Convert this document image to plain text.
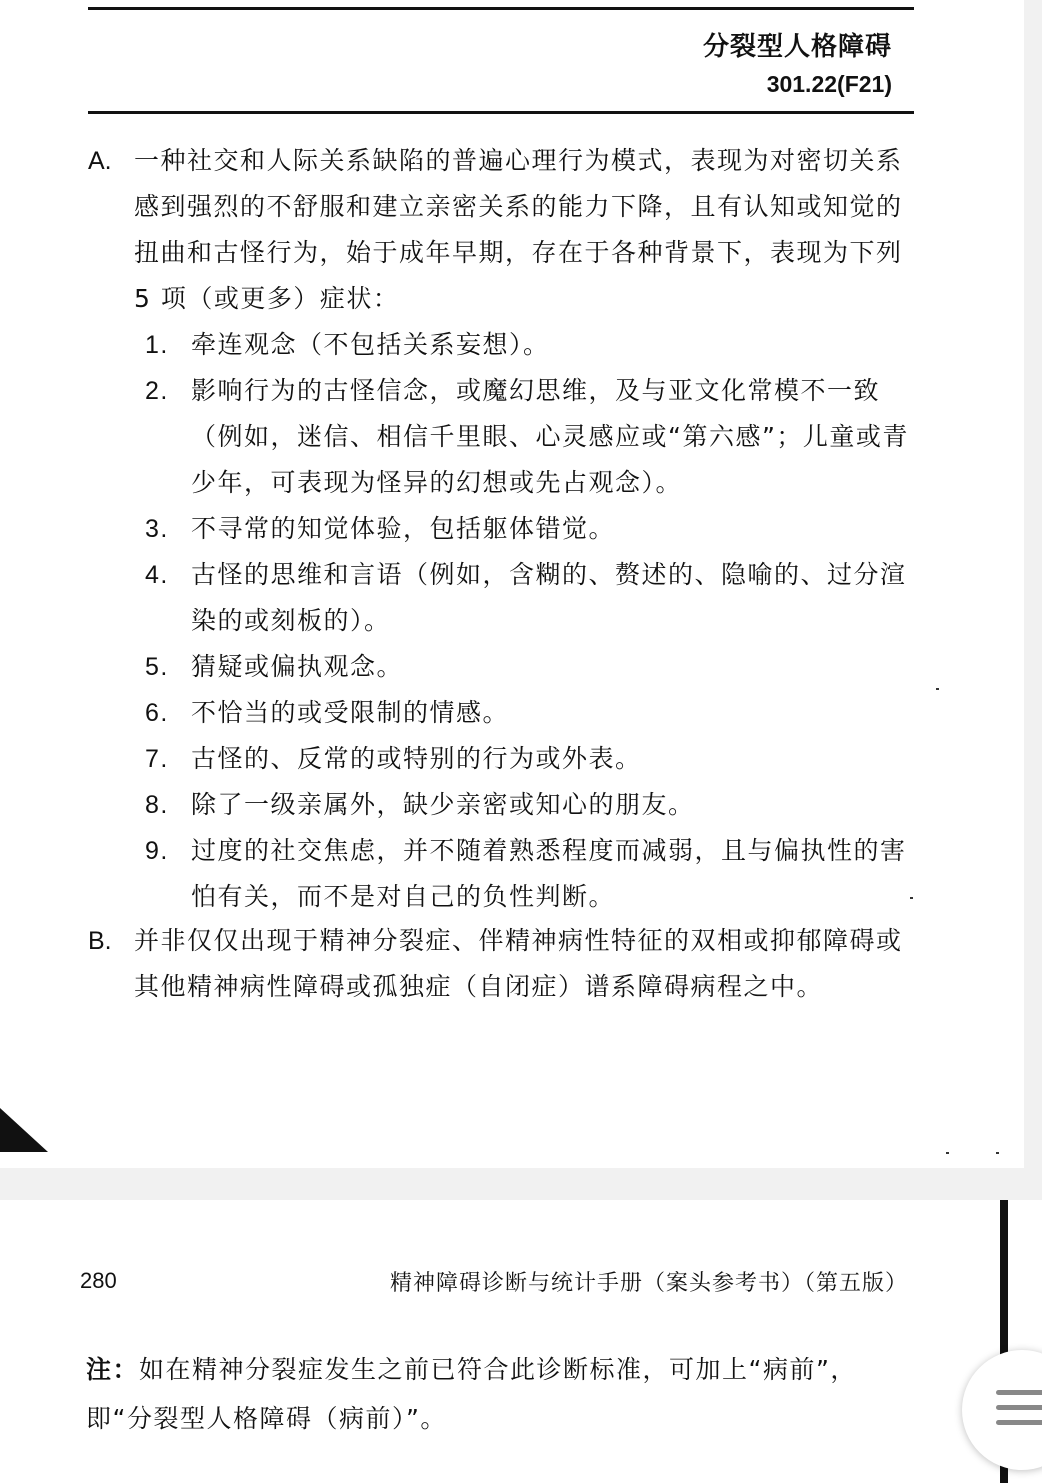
分裂型人格障碍
301.22(F21)
A. 一种社交和人际关系缺陷的普遍心理行为模式，表现为对密切关系感到强烈的不舒服和建立亲密关系的能力下降，且有认知或知觉的扭曲和古怪行为，始于成年早期，存在于各种背景下，表现为下列 5 项（或更多）症状：
1. 牵连观念（不包括关系妄想）。
2. 影响行为的古怪信念，或魔幻思维，及与亚文化常模不一致（例如，迷信、相信千里眼、心灵感应或“第六感”；儿童或青少年，可表现为怪异的幻想或先占观念）。
3. 不寻常的知觉体验，包括躯体错觉。
4. 古怪的思维和言语（例如，含糊的、赘述的、隐喻的、过分渲染的或刻板的）。
5. 猜疑或偏执观念。
6. 不恰当的或受限制的情感。
7. 古怪的、反常的或特别的行为或外表。
8. 除了一级亲属外，缺少亲密或知心的朋友。
9. 过度的社交焦虑，并不随着熟悉程度而减弱，且与偏执性的害怕有关，而不是对自己的负性判断。
B. 并非仅仅出现于精神分裂症、伴精神病性特征的双相或抑郁障碍或其他精神病性障碍或孤独症（自闭症）谱系障碍病程之中。
280	精神障碍诊断与统计手册（案头参考书）（第五版）
注：如在精神分裂症发生之前已符合此诊断标准，可加上“病前”，即“分裂型人格障碍（病前）”。
